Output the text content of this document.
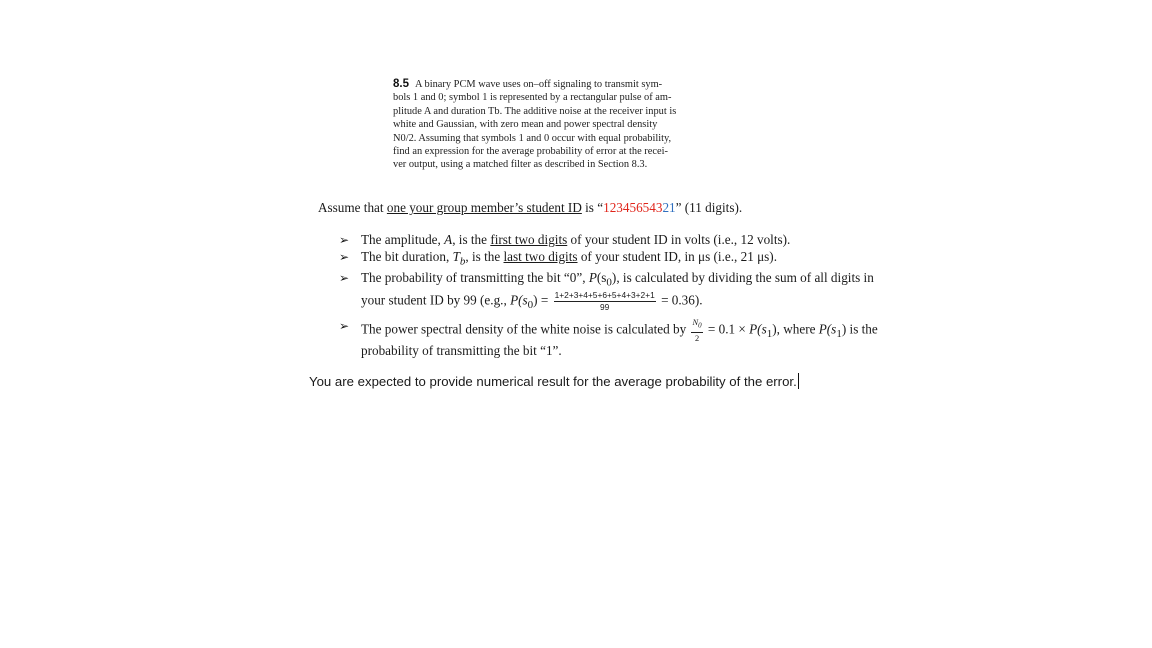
8.5 A binary PCM wave uses on–off signaling to transmit sym-
bols 1 and 0; symbol 1 is represented by a rectangular pulse of am-
plitude A and duration Tb. The additive noise at the receiver input is
white and Gaussian, with zero mean and power spectral density
N0/2. Assuming that symbols 1 and 0 occur with equal probability,
find an expression for the average probability of error at the recei-
ver output, using a matched filter as described in Section 8.3.
Assume that one your group member’s student ID is “12345654321” (11 digits).
➢ The amplitude, A, is the first two digits of your student ID in volts (i.e., 12 volts).
➢ The bit duration, $T_b$, is the last two digits of your student ID, in μs (i.e., 21 μs).
➢ The probability of transmitting the bit “0”, $P(s_0)$, is calculated by dividing the sum of all digits in
your student ID by 99 (e.g., $P(s_0) = \frac{1+2+3+4+5+6+5+4+3+2+1}{99} = 0.36$).
➢ The power spectral density of the white noise is calculated by $\frac{N_0}{2} = 0.1 \times P(s_1)$, where $P(s_1)$ is the
probability of transmitting the bit “1”.
You are expected to provide numerical result for the average probability of the error.
